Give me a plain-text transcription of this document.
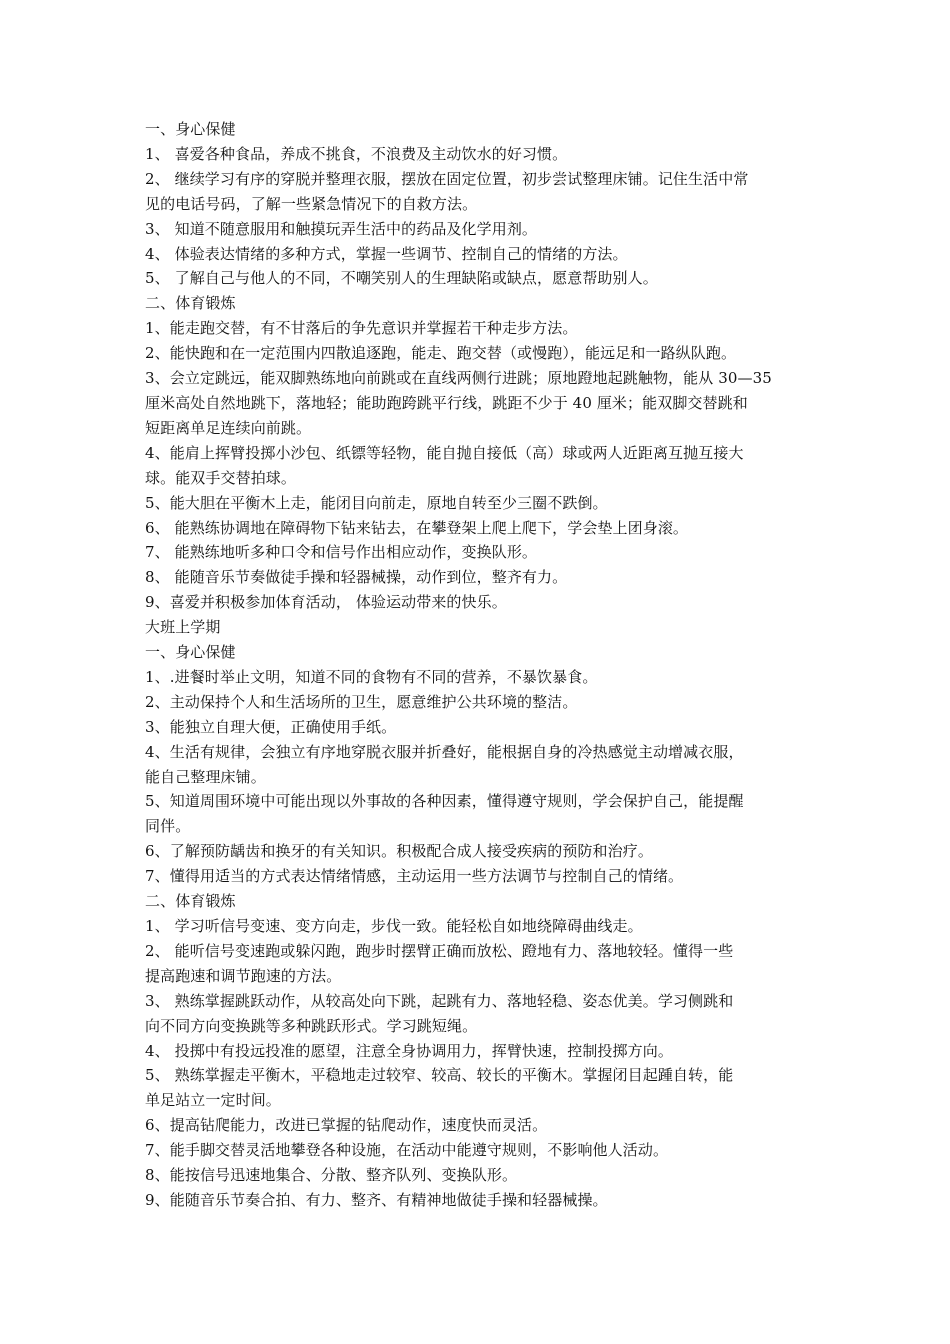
一、身心保健
1、 喜爱各种食品，养成不挑食，不浪费及主动饮水的好习惯。
2、 继续学习有序的穿脱并整理衣服，摆放在固定位置，初步尝试整理床铺。记住生活中常
见的电话号码，了解一些紧急情况下的自救方法。
3、 知道不随意服用和触摸玩弄生活中的药品及化学用剂。
4、 体验表达情绪的多种方式，掌握一些调节、控制自己的情绪的方法。
5、 了解自己与他人的不同，不嘲笑别人的生理缺陷或缺点，愿意帮助别人。
二、体育锻炼
1、能走跑交替，有不甘落后的争先意识并掌握若干种走步方法。
2、能快跑和在一定范围内四散追逐跑，能走、跑交替（或慢跑），能远足和一路纵队跑。
3、会立定跳远，能双脚熟练地向前跳或在直线两侧行进跳；原地蹬地起跳触物，能从 30—35
厘米高处自然地跳下，落地轻；能助跑跨跳平行线，跳距不少于 40 厘米；能双脚交替跳和
短距离单足连续向前跳。
4、能肩上挥臂投掷小沙包、纸镖等轻物，能自抛自接低（高）球或两人近距离互抛互接大
球。能双手交替拍球。
5、能大胆在平衡木上走，能闭目向前走，原地自转至少三圈不跌倒。
6、 能熟练协调地在障碍物下钻来钻去，在攀登架上爬上爬下，学会垫上团身滚。
7、 能熟练地听多种口令和信号作出相应动作，变换队形。
8、 能随音乐节奏做徒手操和轻器械操，动作到位，整齐有力。
9、喜爱并积极参加体育活动， 体验运动带来的快乐。
大班上学期
一、身心保健
1、.进餐时举止文明，知道不同的食物有不同的营养，不暴饮暴食。
2、主动保持个人和生活场所的卫生，愿意维护公共环境的整洁。
3、能独立自理大便，正确使用手纸。
4、生活有规律，会独立有序地穿脱衣服并折叠好，能根据自身的冷热感觉主动增减衣服，
能自己整理床铺。
5、知道周围环境中可能出现以外事故的各种因素，懂得遵守规则，学会保护自己，能提醒
同伴。
6、了解预防龋齿和换牙的有关知识。积极配合成人接受疾病的预防和治疗。
7、懂得用适当的方式表达情绪情感，主动运用一些方法调节与控制自己的情绪。
二、体育锻炼
1、 学习听信号变速、变方向走，步伐一致。能轻松自如地绕障碍曲线走。
2、 能听信号变速跑或躲闪跑，跑步时摆臂正确而放松、蹬地有力、落地较轻。懂得一些
提高跑速和调节跑速的方法。
3、 熟练掌握跳跃动作，从较高处向下跳，起跳有力、落地轻稳、姿态优美。学习侧跳和
向不同方向变换跳等多种跳跃形式。学习跳短绳。
4、 投掷中有投远投准的愿望，注意全身协调用力，挥臂快速，控制投掷方向。
5、 熟练掌握走平衡木，平稳地走过较窄、较高、较长的平衡木。掌握闭目起踵自转，能
单足站立一定时间。
6、提高钻爬能力，改进已掌握的钻爬动作，速度快而灵活。
7、能手脚交替灵活地攀登各种设施，在活动中能遵守规则，不影响他人活动。
8、能按信号迅速地集合、分散、整齐队列、变换队形。
9、能随音乐节奏合拍、有力、整齐、有精神地做徒手操和轻器械操。
